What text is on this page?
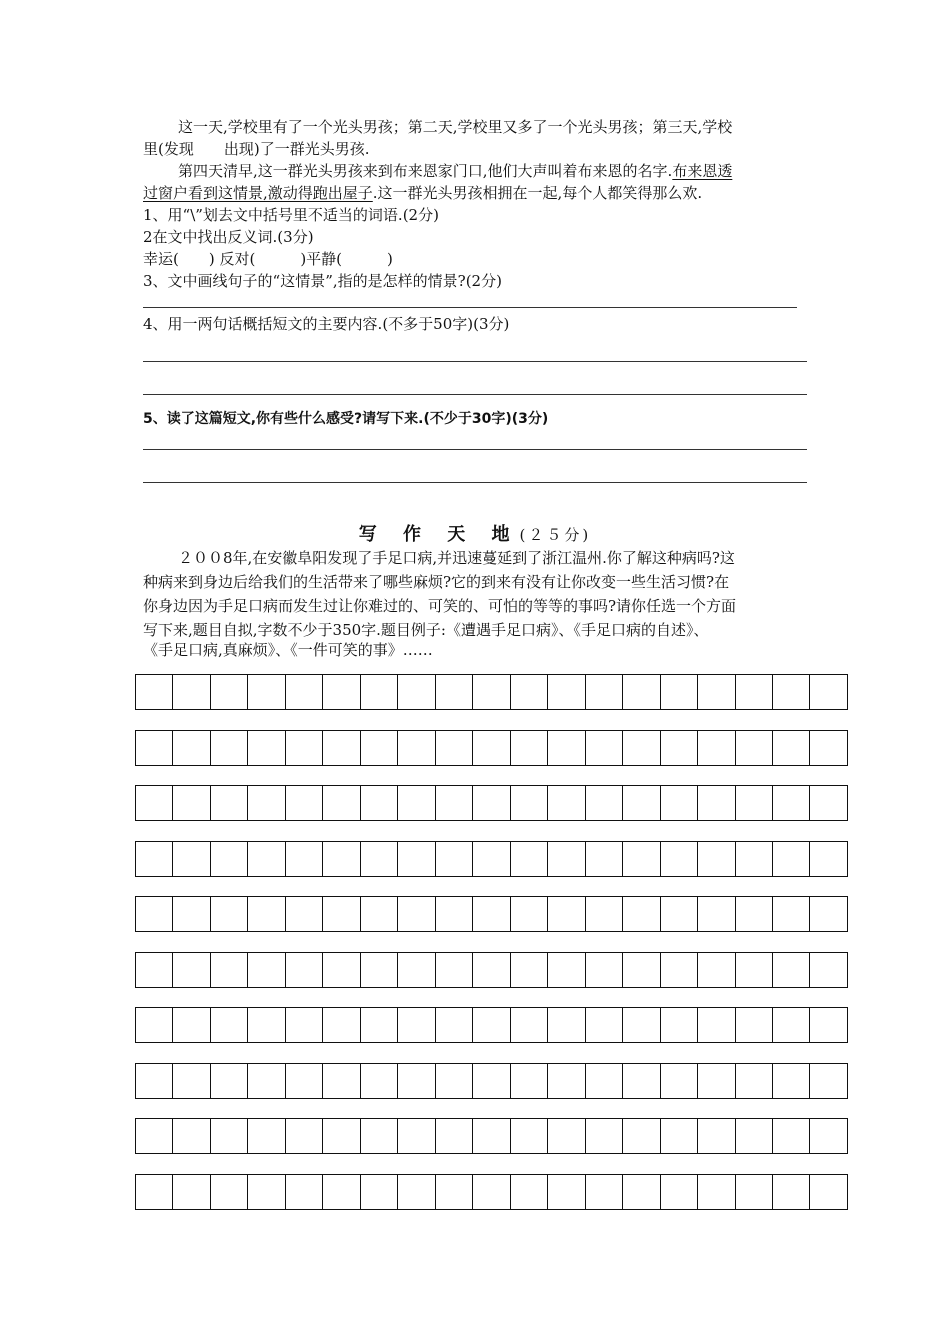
这一天,学校里有了一个光头男孩；第二天,学校里又多了一个光头男孩；第三天,学校
里(发现　　出现)了一群光头男孩.
第四天清早,这一群光头男孩来到布来恩家门口,他们大声叫着布来恩的名字.布来恩透
过窗户看到这情景,激动得跑出屋子.这一群光头男孩相拥在一起,每个人都笑得那么欢.
1、用“\”划去文中括号里不适当的词语.(2分)
2在文中找出反义词.(3分)
幸运(　　) 反对(　　　)平静(　　　)
3、文中画线句子的“这情景”,指的是怎样的情景?(2分)
4、用一两句话概括短文的主要内容.(不多于50字)(3分)
5、读了这篇短文,你有些什么感受?请写下来.(不少于30字)(3分)
写 作 天 地(２５分)
２００8年,在安徽阜阳发现了手足口病,并迅速蔓延到了浙江温州.你了解这种病吗?这
种病来到身边后给我们的生活带来了哪些麻烦?它的到来有没有让你改变一些生活习惯?在
你身边因为手足口病而发生过让你难过的、可笑的、可怕的等等的事吗?请你任选一个方面
写下来,题目自拟,字数不少于350字.题目例子:《遭遇手足口病》、《手足口病的自述》、
《手足口病,真麻烦》、《一件可笑的事》……
